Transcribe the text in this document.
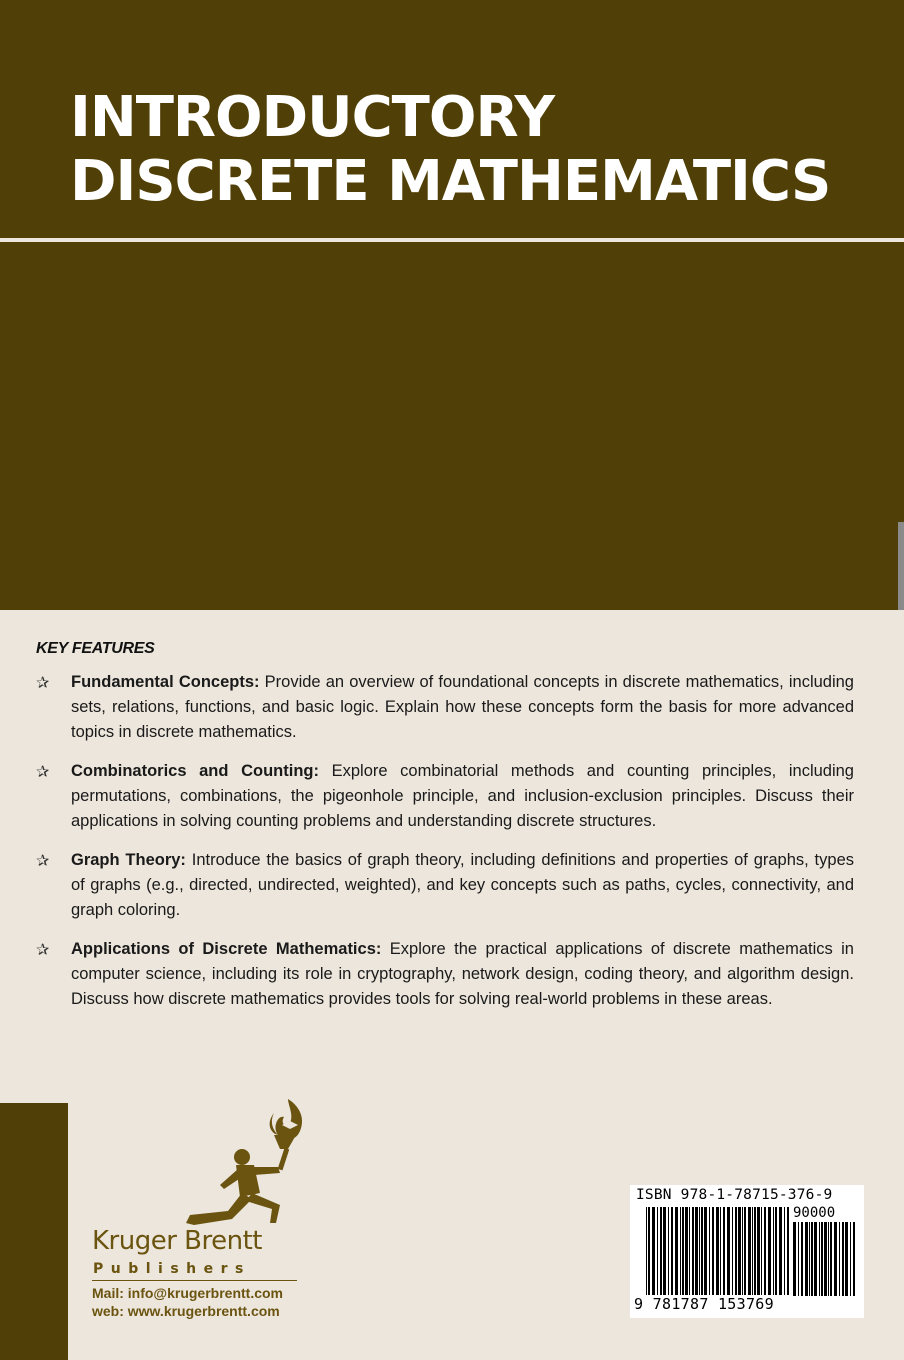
INTRODUCTORY
DISCRETE MATHEMATICS
KEY FEATURES
✰ Fundamental Concepts: Provide an overview of foundational concepts in discrete mathematics, including sets, relations, functions, and basic logic. Explain how these concepts form the basis for more advanced topics in discrete mathematics.
✰ Combinatorics and Counting: Explore combinatorial methods and counting principles, including permutations, combinations, the pigeonhole principle, and inclusion-exclusion principles. Discuss their applications in solving counting problems and understanding discrete structures.
✰ Graph Theory: Introduce the basics of graph theory, including definitions and properties of graphs, types of graphs (e.g., directed, undirected, weighted), and key concepts such as paths, cycles, connectivity, and graph coloring.
✰ Applications of Discrete Mathematics: Explore the practical applications of discrete mathematics in computer science, including its role in cryptography, network design, coding theory, and algorithm design. Discuss how discrete mathematics provides tools for solving real-world problems in these areas.

Kruger Brentt

Publishers

Mail: info@krugerbrentt.com
web: www.krugerbrentt.com

ISBN 978-1-78715-376-9

90000

9 781787 153769
